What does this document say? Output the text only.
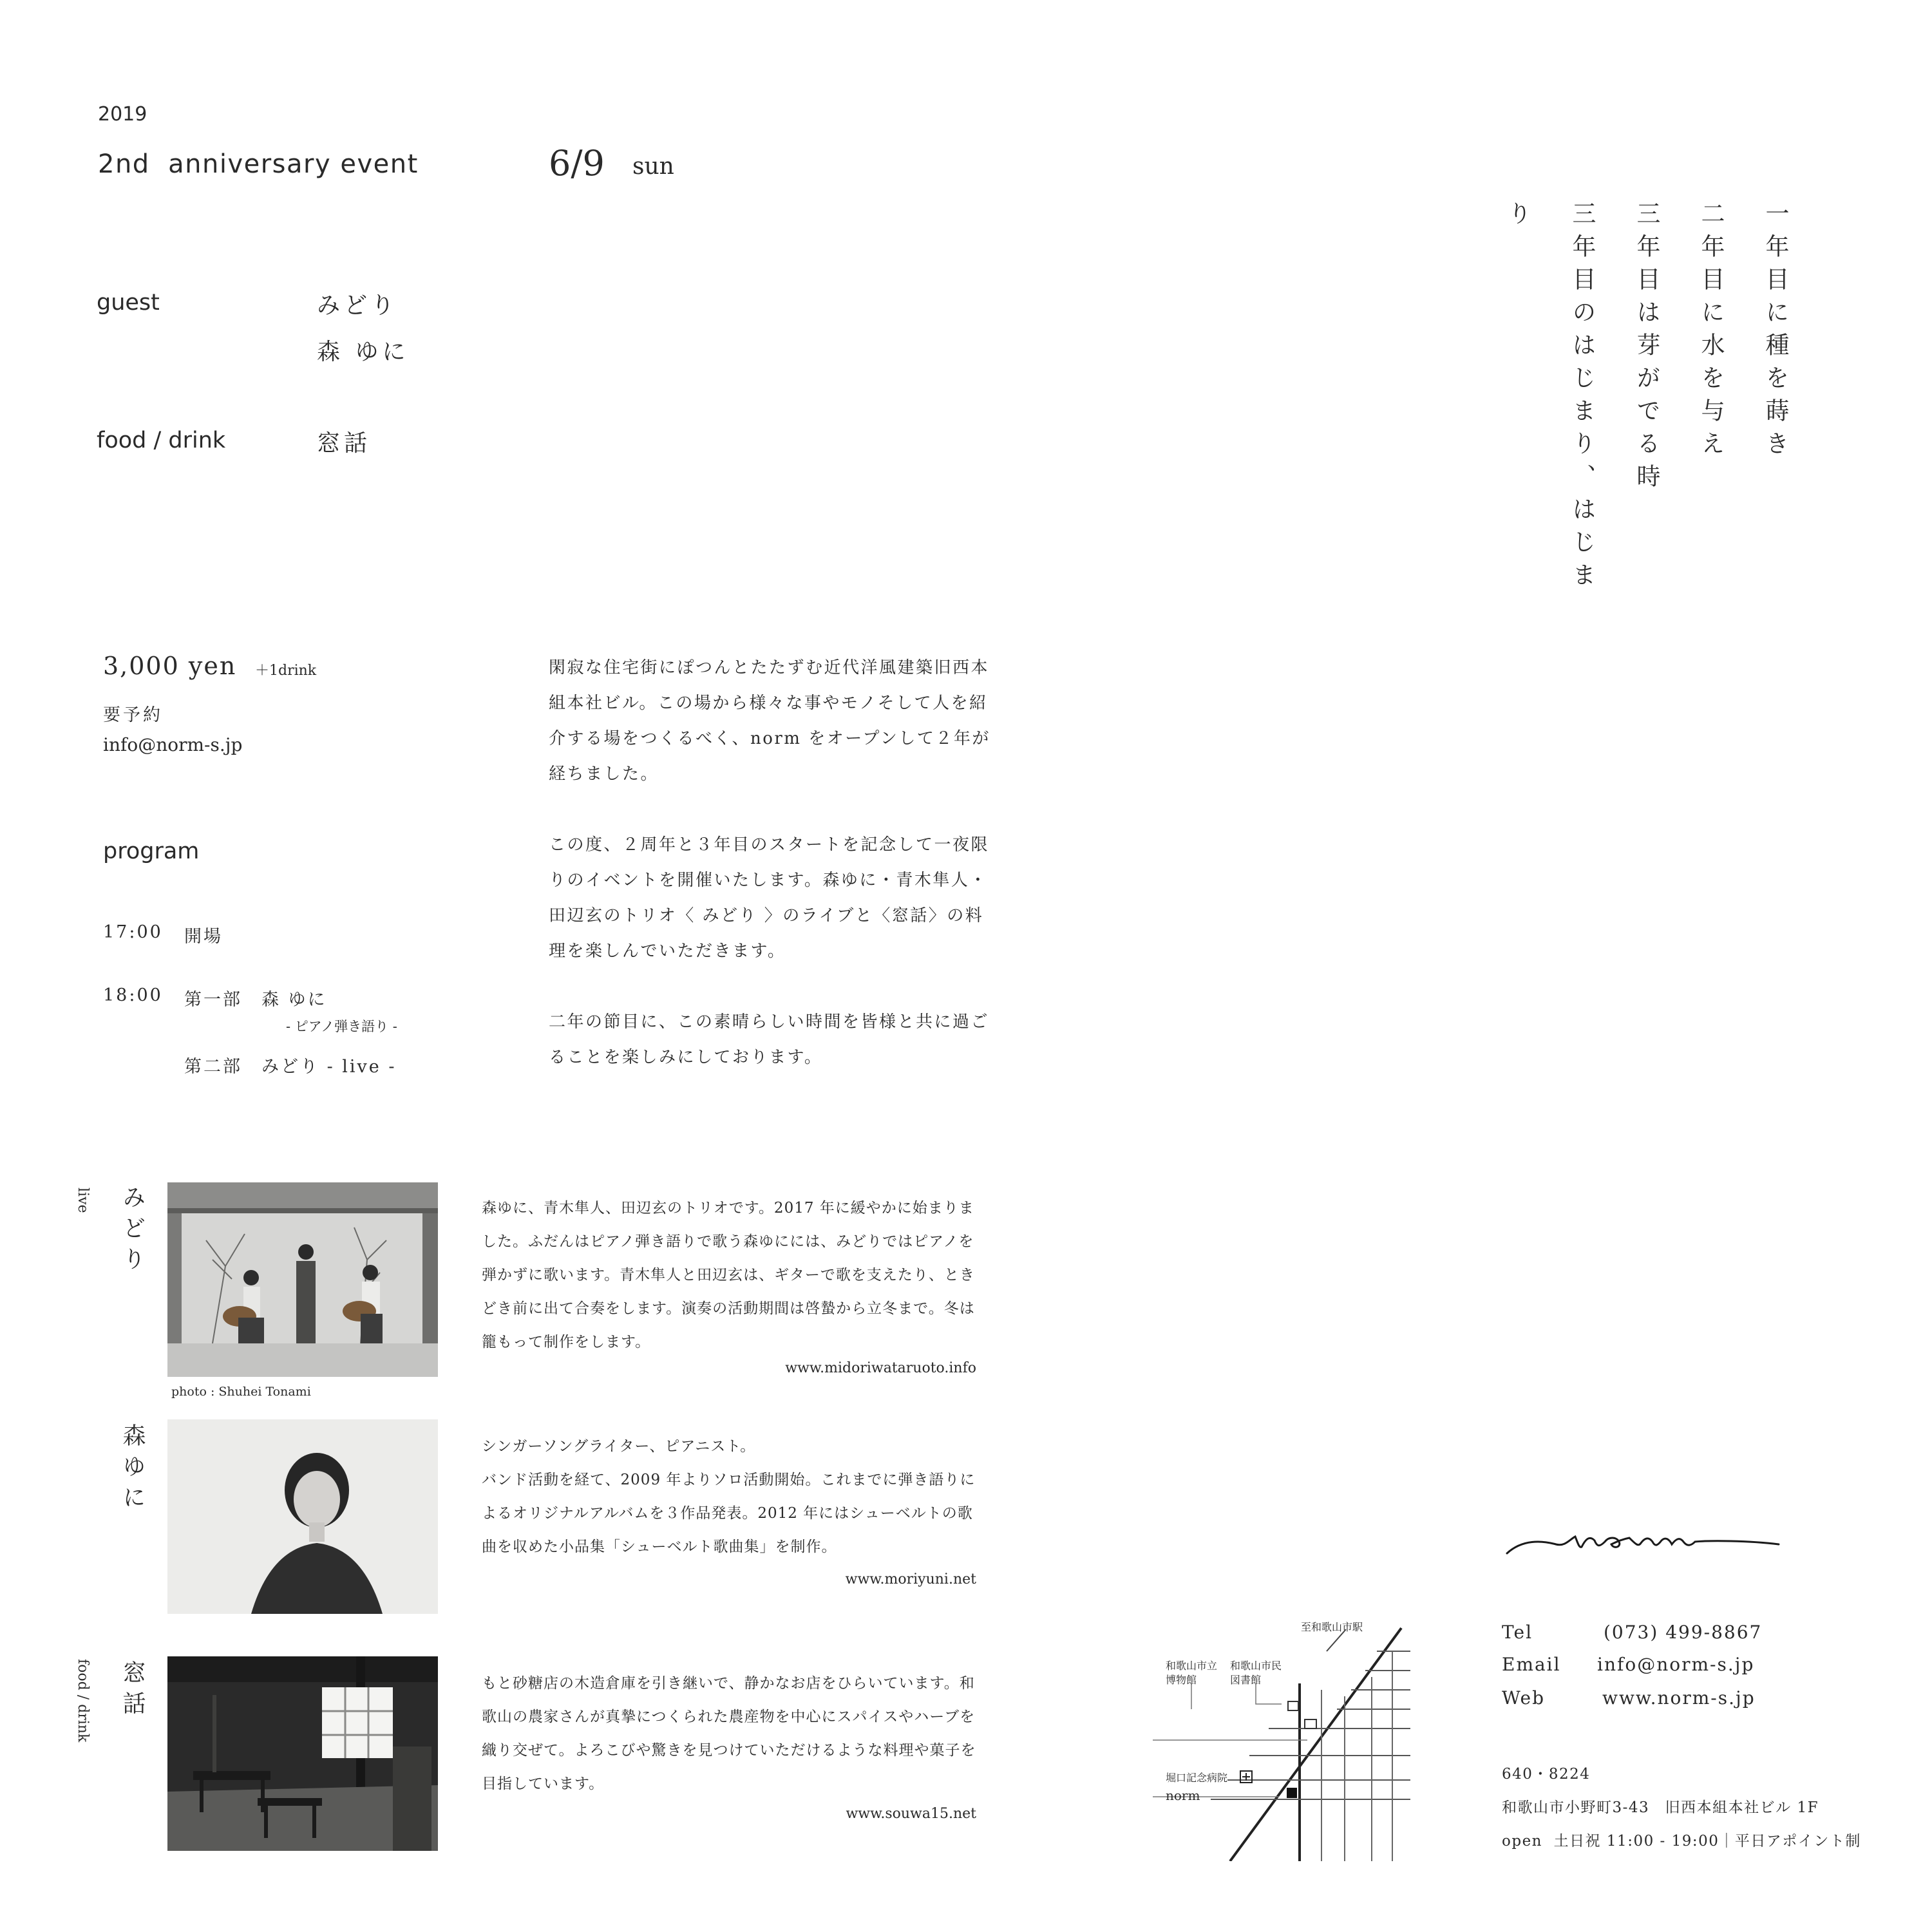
2019
2nd  anniversary event	6/9 sun
guest	みどり
森 ゆに
food / drink	窓話	一年目に種を蒔き
二年目に水を与え
三年目は芽がでる時
三年目のはじまり、はじまり
3,000 yen ＋1drink
要予約
info@norm-s.jp
program
17:00 開場
18:00 第一部　森 ゆに
- ピアノ弾き語り -
第二部　みどり - live -

閑寂な住宅街にぽつんとたたずむ近代洋風建築旧西本組本社ビル。この場から様々な事やモノそして人を紹介する場をつくるべく、norm をオープンして２年が経ちました。

この度、２周年と３年目のスタートを記念して一夜限りのイベントを開催いたします。森ゆに・青木隼人・田辺玄のトリオ〈 みどり 〉のライブと〈窓話〉の料理を楽しんでいただきます。

二年の節目に、この素晴らしい時間を皆様と共に過ごることを楽しみにしております。

live みどり
森ゆに
food / drink 窓話
photo : Shuhei Tonami
森ゆに、青木隼人、田辺玄のトリオです。2017 年に緩やかに始まりました。ふだんはピアノ弾き語りで歌う森ゆにには、みどりではピアノを弾かずに歌います。青木隼人と田辺玄は、ギターで歌を支えたり、ときどき前に出て合奏をします。演奏の活動期間は啓蟄から立冬まで。冬は籠もって制作をします。
www.midoriwataruoto.info

シンガーソングライター、ピアニスト。

バンド活動を経て、2009 年よりソロ活動開始。これまでに弾き語りによるオリジナルアルバムを３作品発表。2012 年にはシューベルトの歌曲を収めた小品集「シューベルト歌曲集」を制作。

www.moriyuni.net
もと砂糖店の木造倉庫を引き継いで、静かなお店をひらいています。和歌山の農家さんが真摯につくられた農産物を中心にスパイスやハーブを織り交ぜて。よろこびや驚きを見つけていただけるような料理や菓子を目指しています。
www.souwa15.net
至和歌山市駅
和歌山市立
博物館
和歌山市民
図書館
堀口記念病院
norm
Tel	(073) 499-8867
Email info@norm-s.jp
Web	www.norm-s.jp
640・8224
和歌山市小野町3-43　旧西本組本社ビル 1F
open  土日祝 11:00 - 19:00｜平日アポイント制
